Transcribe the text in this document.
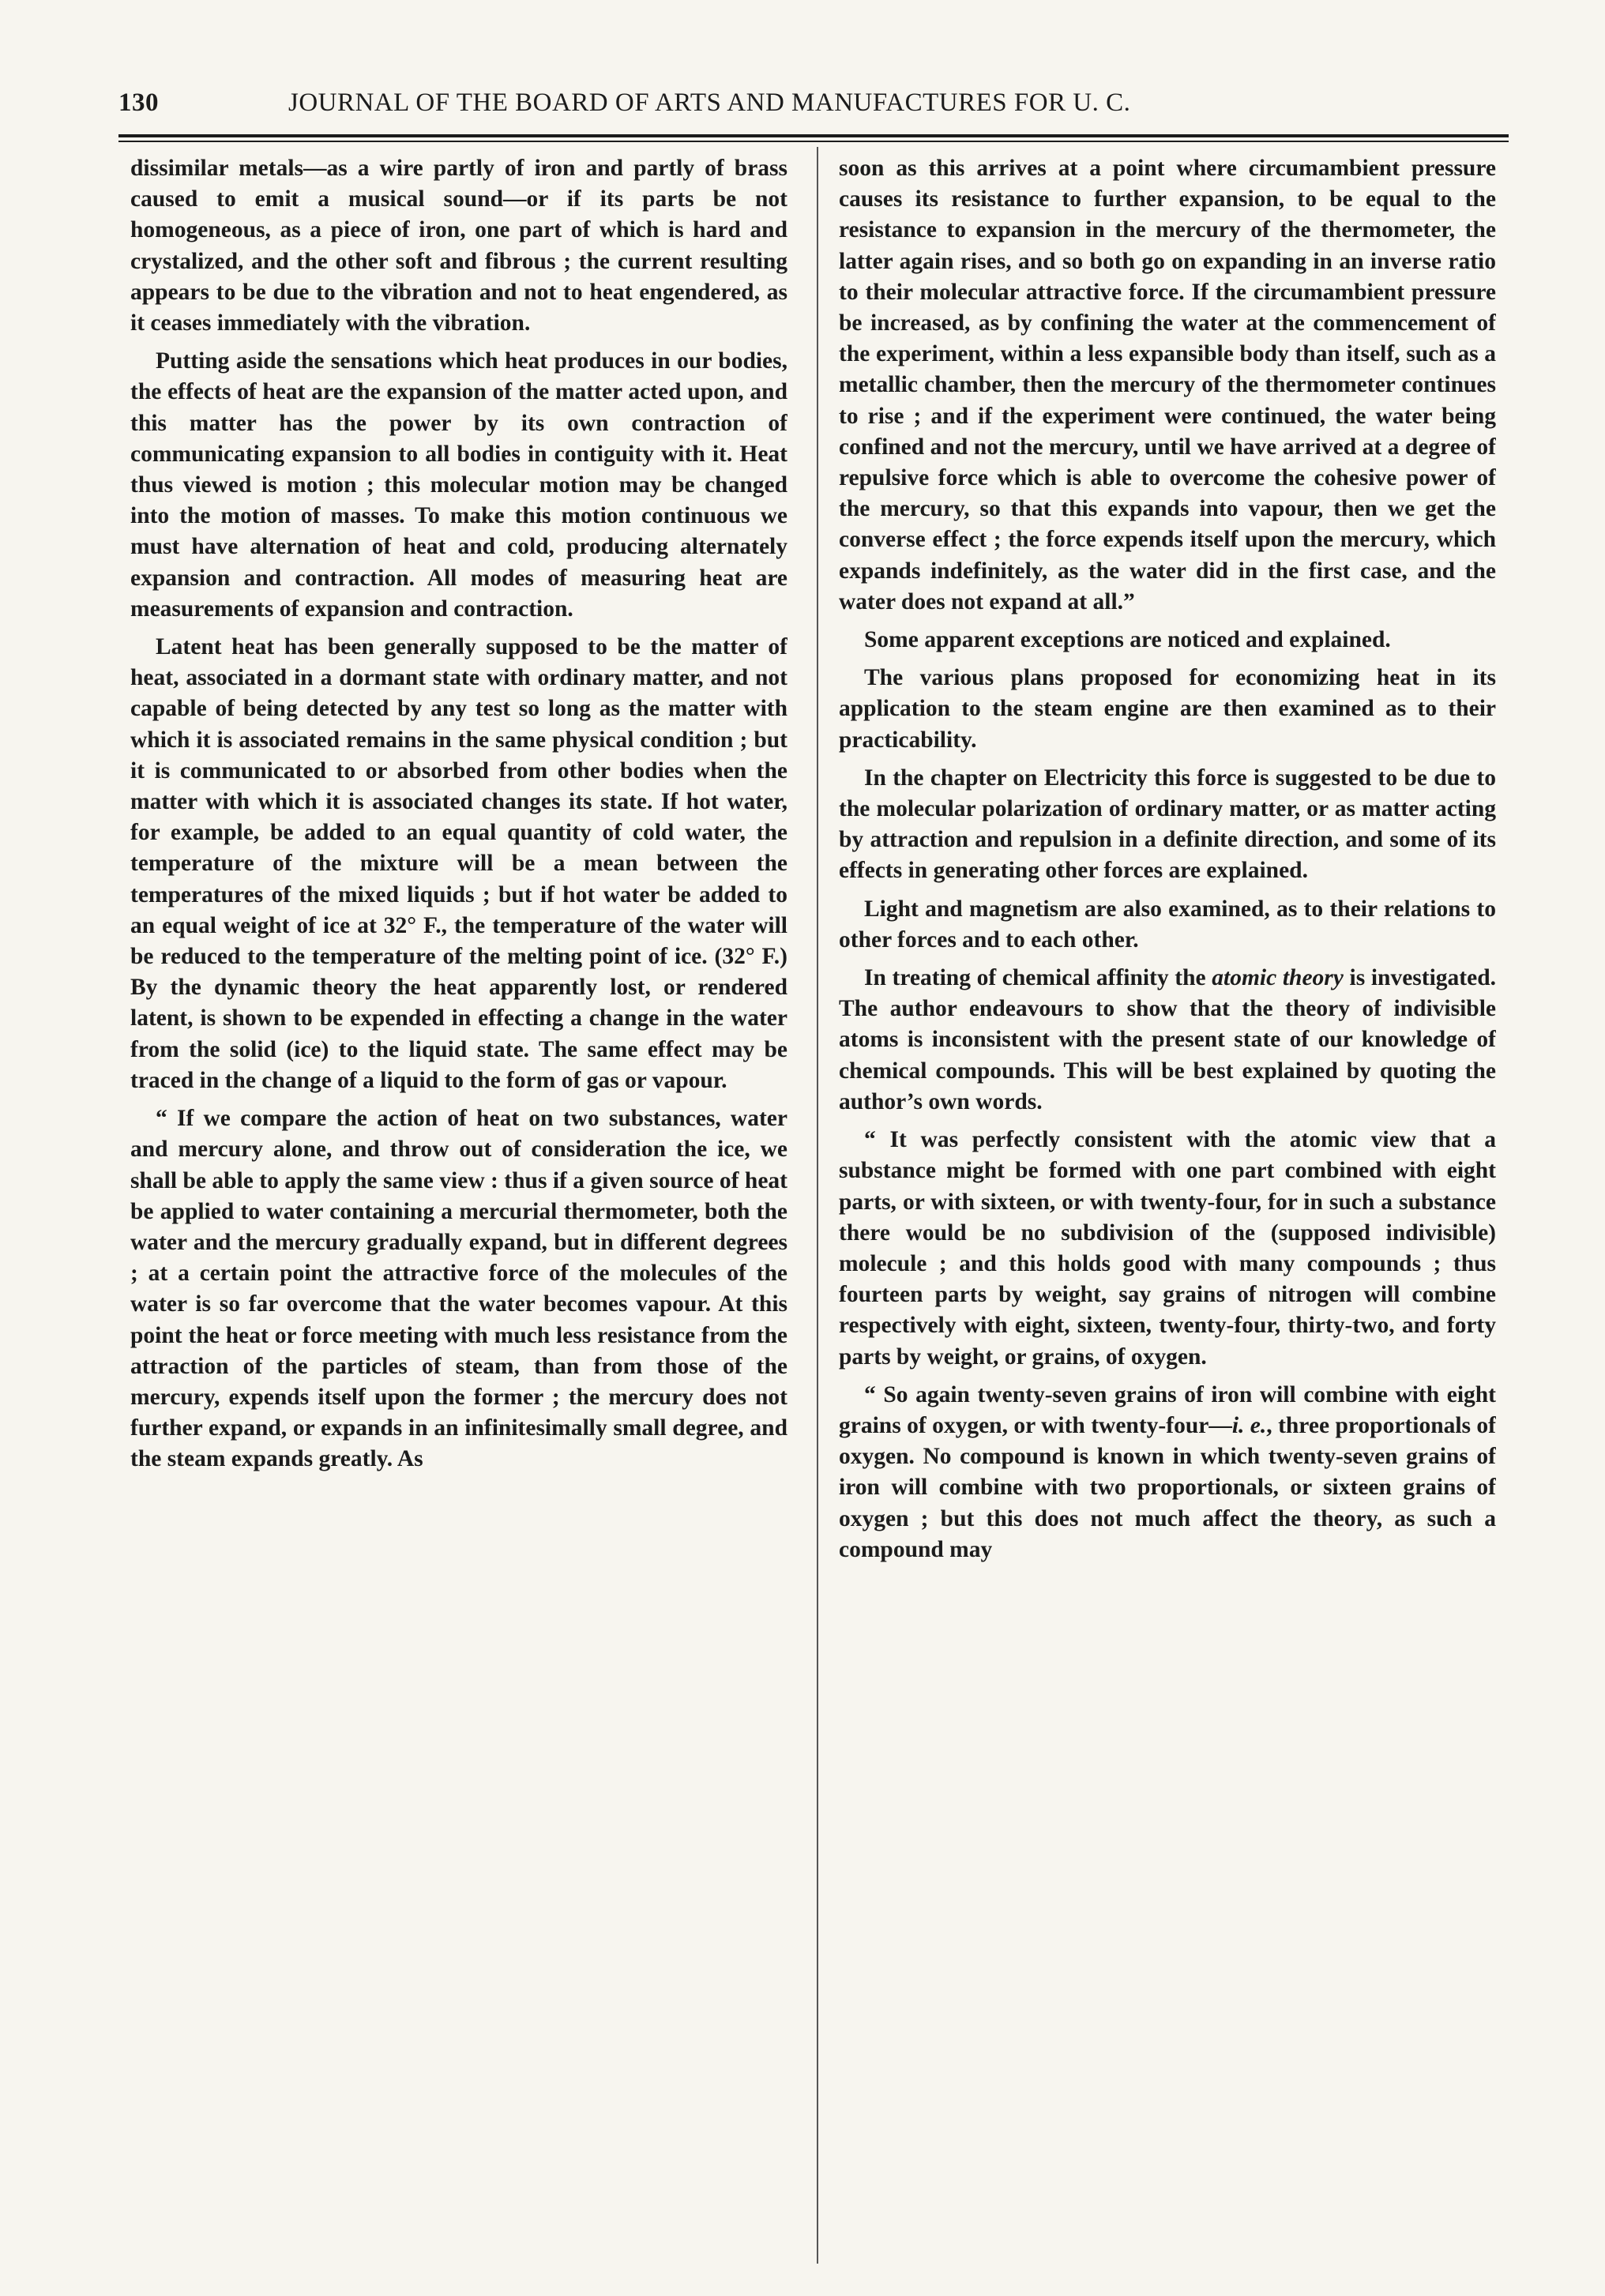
130	JOURNAL OF THE BOARD OF ARTS AND MANUFACTURES FOR U. C.

dissimilar metals—as a wire partly of iron and partly of brass caused to emit a musical sound—or if its parts be not homogeneous, as a piece of iron, one part of which is hard and crystalized, and the other soft and fibrous ; the current resulting appears to be due to the vibration and not to heat engendered, as it ceases immediately with the vibration.

Putting aside the sensations which heat produces in our bodies, the effects of heat are the expansion of the matter acted upon, and this matter has the power by its own contraction of communicating expansion to all bodies in contiguity with it. Heat thus viewed is motion ; this molecular motion may be changed into the motion of masses. To make this motion continuous we must have alternation of heat and cold, producing alternately expansion and contraction. All modes of measuring heat are measurements of expansion and contraction.

Latent heat has been generally supposed to be the matter of heat, associated in a dormant state with ordinary matter, and not capable of being detected by any test so long as the matter with which it is associated remains in the same physical condition ; but it is communicated to or absorbed from other bodies when the matter with which it is associated changes its state. If hot water, for example, be added to an equal quantity of cold water, the temperature of the mixture will be a mean between the temperatures of the mixed liquids ; but if hot water be added to an equal weight of ice at 32° F., the temperature of the water will be reduced to the temperature of the melting point of ice. (32° F.) By the dynamic theory the heat apparently lost, or rendered latent, is shown to be expended in effecting a change in the water from the solid (ice) to the liquid state. The same effect may be traced in the change of a liquid to the form of gas or vapour.

“ If we compare the action of heat on two substances, water and mercury alone, and throw out of consideration the ice, we shall be able to apply the same view : thus if a given source of heat be applied to water containing a mercurial thermometer, both the water and the mercury gradually expand, but in different degrees ; at a certain point the attractive force of the molecules of the water is so far overcome that the water becomes vapour. At this point the heat or force meeting with much less resistance from the attraction of the particles of steam, than from those of the mercury, expends itself upon the former ; the mercury does not further expand, or expands in an infinitesimally small degree, and the steam expands greatly. As

soon as this arrives at a point where circumambient pressure causes its resistance to further expansion, to be equal to the resistance to expansion in the mercury of the thermometer, the latter again rises, and so both go on expanding in an inverse ratio to their molecular attractive force. If the circumambient pressure be increased, as by confining the water at the commencement of the experiment, within a less expansible body than itself, such as a metallic chamber, then the mercury of the thermometer continues to rise ; and if the experiment were continued, the water being confined and not the mercury, until we have arrived at a degree of repulsive force which is able to overcome the cohesive power of the mercury, so that this expands into vapour, then we get the converse effect ; the force expends itself upon the mercury, which expands indefinitely, as the water did in the first case, and the water does not expand at all.”

Some apparent exceptions are noticed and explained.

The various plans proposed for economizing heat in its application to the steam engine are then examined as to their practicability.

In the chapter on Electricity this force is suggested to be due to the molecular polarization of ordinary matter, or as matter acting by attraction and repulsion in a definite direction, and some of its effects in generating other forces are explained.

Light and magnetism are also examined, as to their relations to other forces and to each other.

In treating of chemical affinity the atomic theory is investigated. The author endeavours to show that the theory of indivisible atoms is inconsistent with the present state of our knowledge of chemical compounds. This will be best explained by quoting the author’s own words.

“ It was perfectly consistent with the atomic view that a substance might be formed with one part combined with eight parts, or with sixteen, or with twenty-four, for in such a substance there would be no subdivision of the (supposed indivisible) molecule ; and this holds good with many compounds ; thus fourteen parts by weight, say grains of nitrogen will combine respectively with eight, sixteen, twenty-four, thirty-two, and forty parts by weight, or grains, of oxygen.

“ So again twenty-seven grains of iron will combine with eight grains of oxygen, or with twenty-four—i. e., three proportionals of oxygen. No compound is known in which twenty-seven grains of iron will combine with two proportionals, or sixteen grains of oxygen ; but this does not much affect the theory, as such a compound may
